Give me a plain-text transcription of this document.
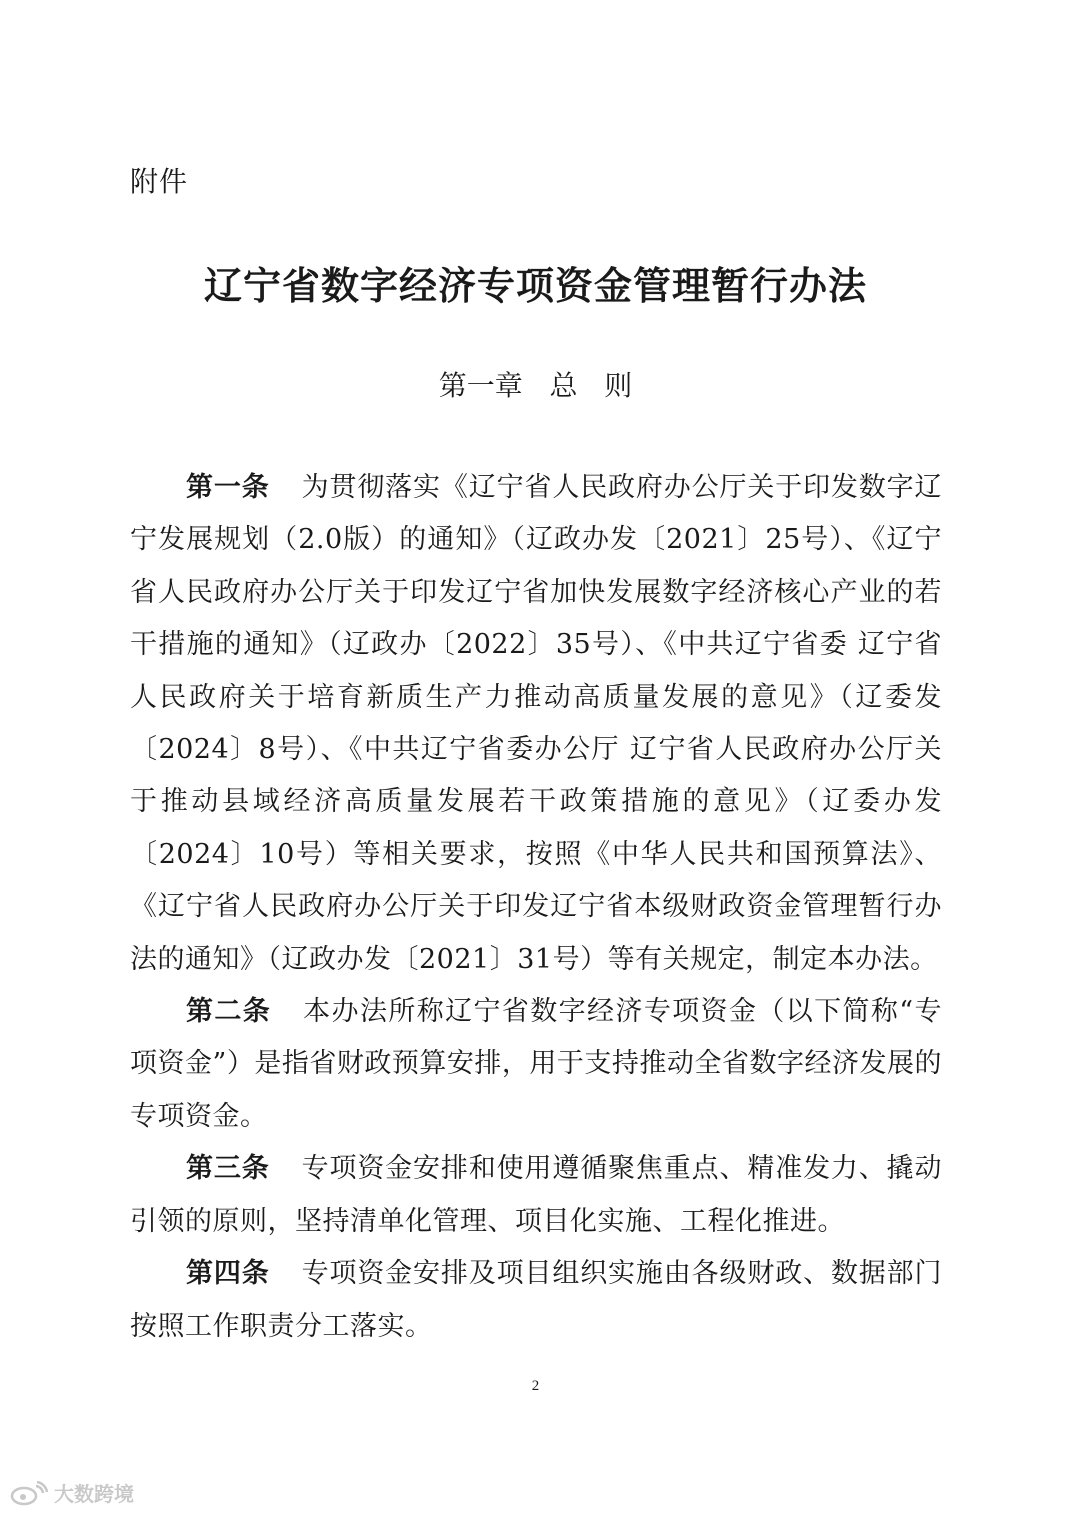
附件
辽宁省数字经济专项资金管理暂行办法
第一章   总   则

第一条 为贯彻落实《辽宁省人民政府办公厅关于印发数字辽宁发展规划（2.0版）的通知》（辽政办发〔2021〕25号）、《辽宁省人民政府办公厅关于印发辽宁省加快发展数字经济核心产业的若干措施的通知》（辽政办〔2022〕35号）、《中共辽宁省委 辽宁省人民政府关于培育新质生产力推动高质量发展的意见》（辽委发〔2024〕8号）、《中共辽宁省委办公厅 辽宁省人民政府办公厅关于推动县域经济高质量发展若干政策措施的意见》（辽委办发〔2024〕10号）等相关要求，按照《中华人民共和国预算法》、《辽宁省人民政府办公厅关于印发辽宁省本级财政资金管理暂行办法的通知》（辽政办发〔2021〕31号）等有关规定，制定本办法。

第二条 本办法所称辽宁省数字经济专项资金（以下简称“专项资金”）是指省财政预算安排，用于支持推动全省数字经济发展的专项资金。

第三条 专项资金安排和使用遵循聚焦重点、精准发力、撬动引领的原则，坚持清单化管理、项目化实施、工程化推进。

第四条 专项资金安排及项目组织实施由各级财政、数据部门按照工作职责分工落实。

2
大数跨境
